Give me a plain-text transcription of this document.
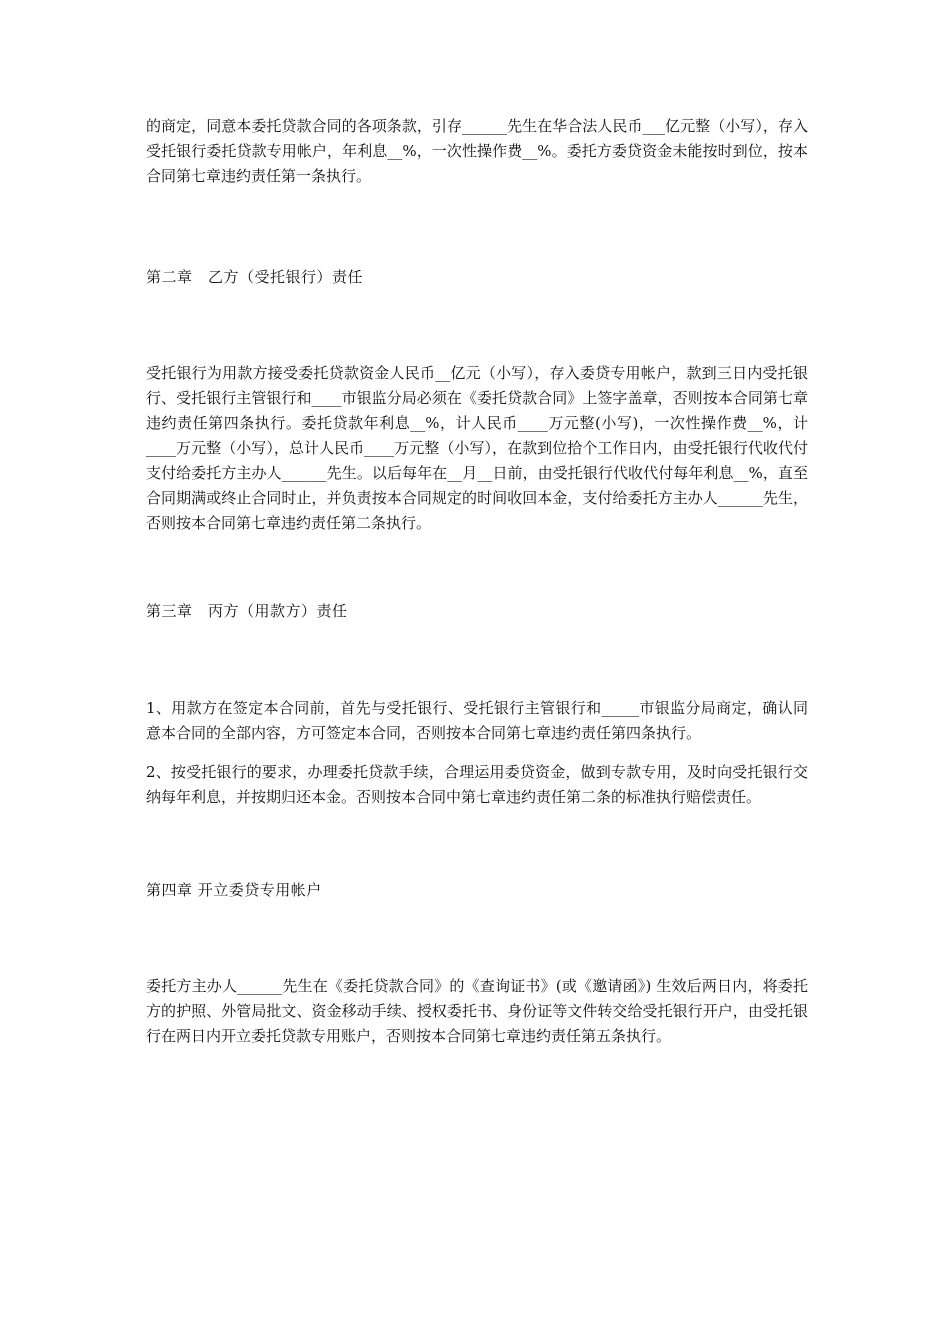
的商定，同意本委托贷款合同的各项条款，引存______先生在华合法人民币___亿元整（小写），存入受托银行委托贷款专用帐户，年利息__%，一次性操作费__%。委托方委贷资金未能按时到位，按本合同第七章违约责任第一条执行。

第二章　乙方（受托银行）责任

受托银行为用款方接受委托贷款资金人民币__亿元（小写），存入委贷专用帐户，款到三日内受托银行、受托银行主管银行和____市银监分局必须在《委托贷款合同》上签字盖章，否则按本合同第七章违约责任第四条执行。委托贷款年利息__%，计人民币____万元整(小写)，一次性操作费__%，计____万元整（小写），总计人民币____万元整（小写），在款到位拾个工作日内，由受托银行代收代付支付给委托方主办人______先生。以后每年在__月__日前，由受托银行代收代付每年利息__%，直至合同期满或终止合同时止，并负责按本合同规定的时间收回本金，支付给委托方主办人______先生，否则按本合同第七章违约责任第二条执行。

第三章　丙方（用款方）责任

1、用款方在签定本合同前，首先与受托银行、受托银行主管银行和_____市银监分局商定，确认同意本合同的全部内容，方可签定本合同，否则按本合同第七章违约责任第四条执行。

2、按受托银行的要求，办理委托贷款手续，合理运用委贷资金，做到专款专用，及时向受托银行交纳每年利息，并按期归还本金。否则按本合同中第七章违约责任第二条的标准执行赔偿责任。

第四章 开立委贷专用帐户

委托方主办人______先生在《委托贷款合同》的《查询证书》(或《邀请函》) 生效后两日内，将委托方的护照、外管局批文、资金移动手续、授权委托书、身份证等文件转交给受托银行开户，由受托银行在两日内开立委托贷款专用账户，否则按本合同第七章违约责任第五条执行。
